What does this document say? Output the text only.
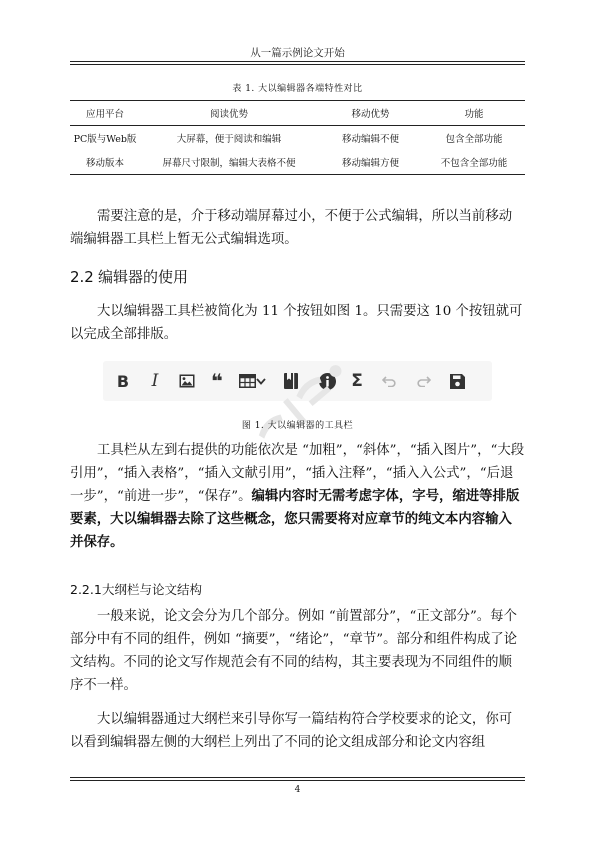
从一篇示例论文开始
表 1. 大以编辑器各端特性对比
应用平台	阅读优势	移动优势	功能
PC版与Web版	大屏幕，便于阅读和编辑	移动编辑不便	包含全部功能
移动版本	屏幕尺寸限制，编辑大表格不便	移动编辑方便	不包含全部功能

需要注意的是，介于移动端屏幕过小，不便于公式编辑，所以当前移动端编辑器工具栏上暂无公式编辑选项。

2.2 编辑器的使用

大以编辑器工具栏被简化为 11 个按钮如图 1。只需要这 10 个按钮就可以完成全部排版。

B I	❝	Σ
图 1. 大以编辑器的工具栏

工具栏从左到右提供的功能依次是 “加粗”，“斜体”，“插入图片”，“大段引用”，“插入表格”，“插入文献引用”，“插入注释”，“插入入公式”，“后退一步”，“前进一步”，“保存”。编辑内容时无需考虑字体，字号，缩进等排版要素，大以编辑器去除了这些概念，您只需要将对应章节的纯文本内容输入并保存。

2.2.1大纲栏与论文结构

一般来说，论文会分为几个部分。例如 “前置部分”，“正文部分”。每个部分中有不同的组件，例如 “摘要”，“绪论”，“章节”。部分和组件构成了论文结构。不同的论文写作规范会有不同的结构，其主要表现为不同组件的顺序不一样。

大以编辑器通过大纲栏来引导你写一篇结构符合学校要求的论文，你可以看到编辑器左侧的大纲栏上列出了不同的论文组成部分和论文内容组

4
